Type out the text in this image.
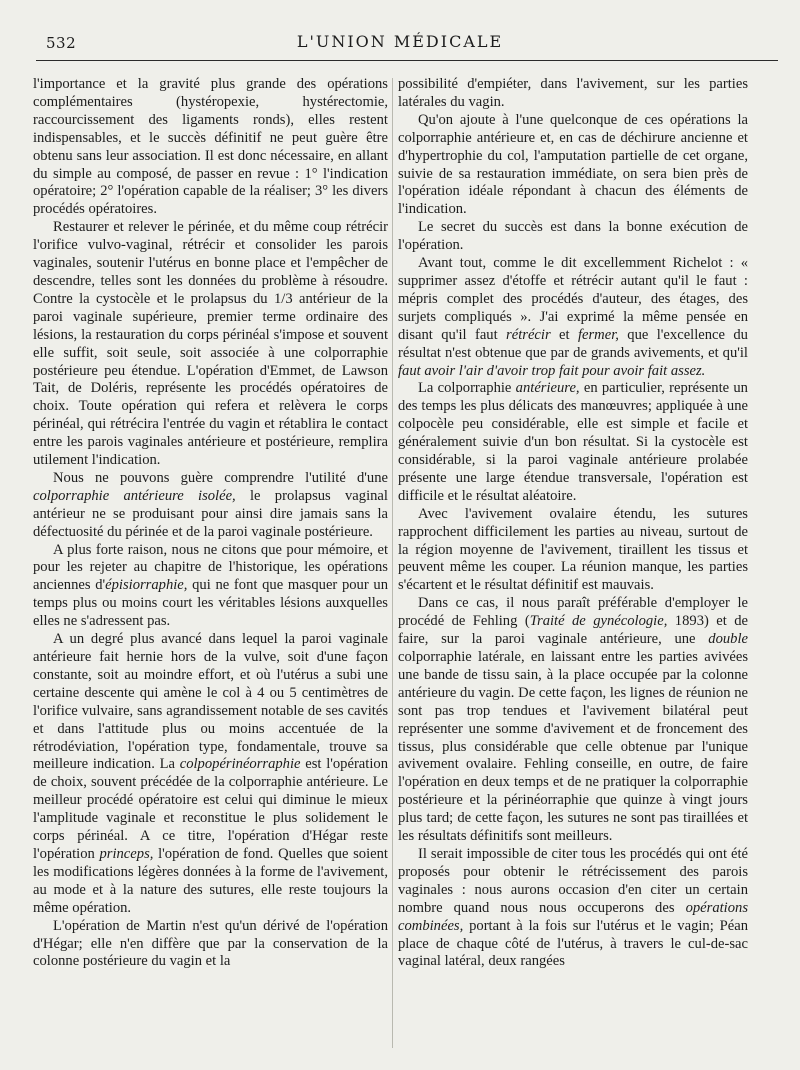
532	L'UNION MÉDICALE

l'importance et la gravité plus grande des opérations complémentaires (hystéropexie, hystérectomie, raccourcissement des ligaments ronds), elles restent indispensables, et le succès définitif ne peut guère être obtenu sans leur association. Il est donc nécessaire, en allant du simple au composé, de passer en revue : 1° l'indication opératoire; 2° l'opération capable de la réaliser; 3° les divers procédés opératoires.

Restaurer et relever le périnée, et du même coup rétrécir l'orifice vulvo-vaginal, rétrécir et consolider les parois vaginales, soutenir l'utérus en bonne place et l'empêcher de descendre, telles sont les données du problème à résoudre. Contre la cystocèle et le prolapsus du 1/3 antérieur de la paroi vaginale supérieure, premier terme ordinaire des lésions, la restauration du corps périnéal s'impose et souvent elle suffit, soit seule, soit associée à une colporraphie postérieure peu étendue. L'opération d'Emmet, de Lawson Tait, de Doléris, représente les procédés opératoires de choix. Toute opération qui refera et relèvera le corps périnéal, qui rétrécira l'entrée du vagin et rétablira le contact entre les parois vaginales antérieure et postérieure, remplira utilement l'indication.

Nous ne pouvons guère comprendre l'utilité d'une colporraphie antérieure isolée, le prolapsus vaginal antérieur ne se produisant pour ainsi dire jamais sans la défectuosité du périnée et de la paroi vaginale postérieure.

A plus forte raison, nous ne citons que pour mémoire, et pour les rejeter au chapitre de l'historique, les opérations anciennes d'épisiorraphie, qui ne font que masquer pour un temps plus ou moins court les véritables lésions auxquelles elles ne s'adressent pas.

A un degré plus avancé dans lequel la paroi vaginale antérieure fait hernie hors de la vulve, soit d'une façon constante, soit au moindre effort, et où l'utérus a subi une certaine descente qui amène le col à 4 ou 5 centimètres de l'orifice vulvaire, sans agrandissement notable de ses cavités et dans l'attitude plus ou moins accentuée de la rétrodéviation, l'opération type, fondamentale, trouve sa meilleure indication. La colpopérinéorraphie est l'opération de choix, souvent précédée de la colporraphie antérieure. Le meilleur procédé opératoire est celui qui diminue le mieux l'amplitude vaginale et reconstitue le plus solidement le corps périnéal. A ce titre, l'opération d'Hégar reste l'opération princeps, l'opération de fond. Quelles que soient les modifications légères données à la forme de l'avivement, au mode et à la nature des sutures, elle reste toujours la même opération.

L'opération de Martin n'est qu'un dérivé de l'opération d'Hégar; elle n'en diffère que par la conservation de la colonne postérieure du vagin et la

possibilité d'empiéter, dans l'avivement, sur les parties latérales du vagin.

Qu'on ajoute à l'une quelconque de ces opérations la colporraphie antérieure et, en cas de déchirure ancienne et d'hypertrophie du col, l'amputation partielle de cet organe, suivie de sa restauration immédiate, on sera bien près de l'opération idéale répondant à chacun des éléments de l'indication.

Le secret du succès est dans la bonne exécution de l'opération.

Avant tout, comme le dit excellemment Richelot : « supprimer assez d'étoffe et rétrécir autant qu'il le faut : mépris complet des procédés d'auteur, des étages, des surjets compliqués ». J'ai exprimé la même pensée en disant qu'il faut rétrécir et fermer, que l'excellence du résultat n'est obtenue que par de grands avivements, et qu'il faut avoir l'air d'avoir trop fait pour avoir fait assez.

La colporraphie antérieure, en particulier, représente un des temps les plus délicats des manœuvres; appliquée à une colpocèle peu considérable, elle est simple et facile et généralement suivie d'un bon résultat. Si la cystocèle est considérable, si la paroi vaginale antérieure prolabée présente une large étendue transversale, l'opération est difficile et le résultat aléatoire.

Avec l'avivement ovalaire étendu, les sutures rapprochent difficilement les parties au niveau, surtout de la région moyenne de l'avivement, tiraillent les tissus et peuvent même les couper. La réunion manque, les parties s'écartent et le résultat définitif est mauvais.

Dans ce cas, il nous paraît préférable d'employer le procédé de Fehling (Traité de gynécologie, 1893) et de faire, sur la paroi vaginale antérieure, une double colporraphie latérale, en laissant entre les parties avivées une bande de tissu sain, à la place occupée par la colonne antérieure du vagin. De cette façon, les lignes de réunion ne sont pas trop tendues et l'avivement bilatéral peut représenter une somme d'avivement et de froncement des tissus, plus considérable que celle obtenue par l'unique avivement ovalaire. Fehling conseille, en outre, de faire l'opération en deux temps et de ne pratiquer la colporraphie postérieure et la périnéorraphie que quinze à vingt jours plus tard; de cette façon, les sutures ne sont pas tiraillées et les résultats définitifs sont meilleurs.

Il serait impossible de citer tous les procédés qui ont été proposés pour obtenir le rétrécissement des parois vaginales : nous aurons occasion d'en citer un certain nombre quand nous nous occuperons des opérations combinées, portant à la fois sur l'utérus et le vagin; Péan place de chaque côté de l'utérus, à travers le cul-de-sac vaginal latéral, deux rangées
